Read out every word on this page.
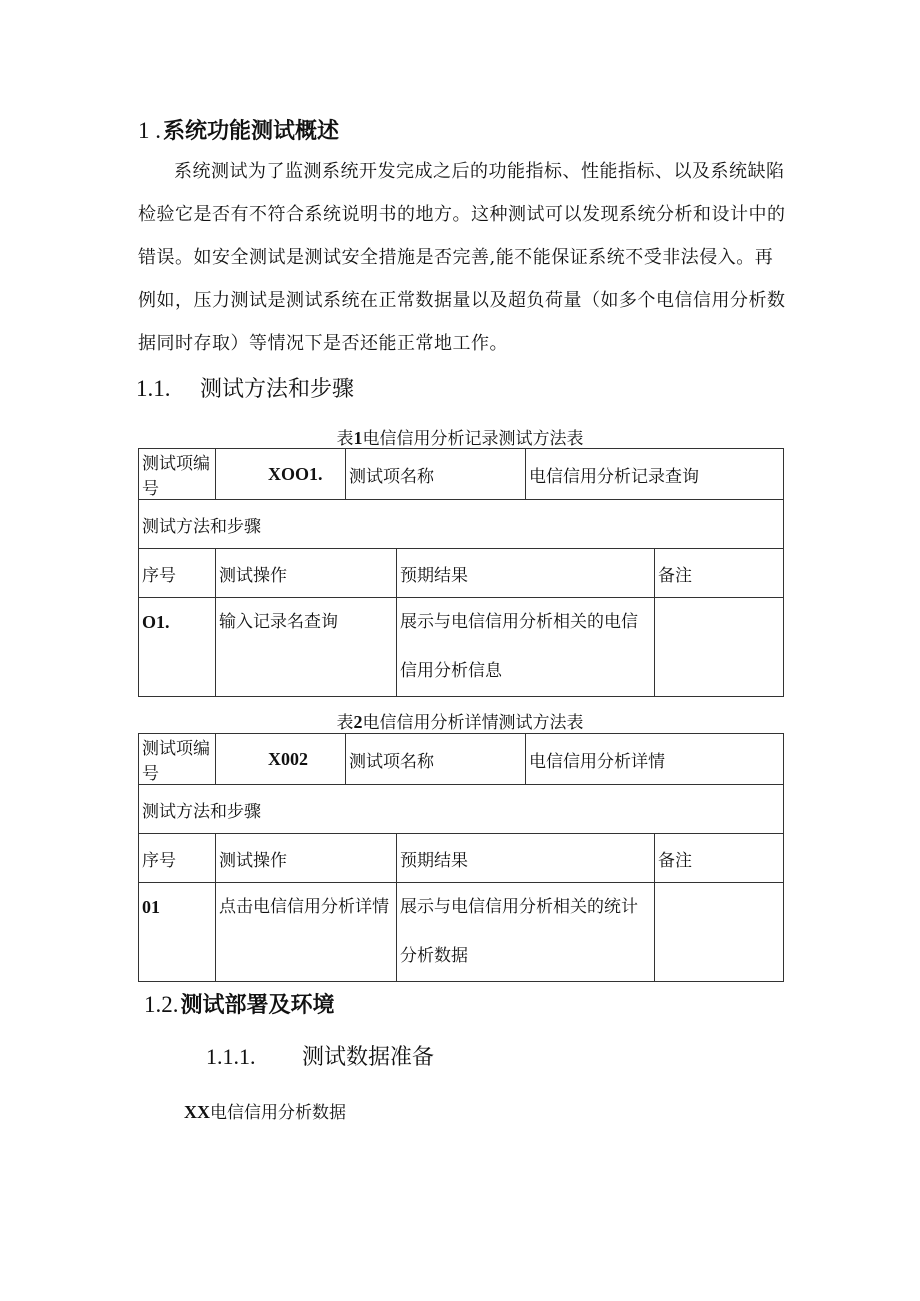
1 .系统功能测试概述

系统测试为了监测系统开发完成之后的功能指标、性能指标、以及系统缺陷检验它是否有不符合系统说明书的地方。这种测试可以发现系统分析和设计中的错误。如安全测试是测试安全措施是否完善,能不能保证系统不受非法侵入。再例如，压力测试是测试系统在正常数据量以及超负荷量（如多个电信信用分析数据同时存取）等情况下是否还能正常地工作。

1.1. 测试方法和步骤
表1电信信用分析记录测试方法表
测试项编号	XOO1.	测试项名称		电信信用分析记录查询	
测试方法和步骤					
序号	测试操作		预期结果		备注
O1.	输入记录名查询		展示与电信信用分析相关的电信信用分析信息		
表2电信信用分析详情测试方法表
测试项编号	X002	测试项名称		电信信用分析详情	
测试方法和步骤					
序号	测试操作		预期结果		备注
01	点击电信信用分析详情		展示与电信信用分析相关的统计分析数据		
1.2.测试部署及环境
1.1.1. 测试数据准备
XX电信信用分析数据
